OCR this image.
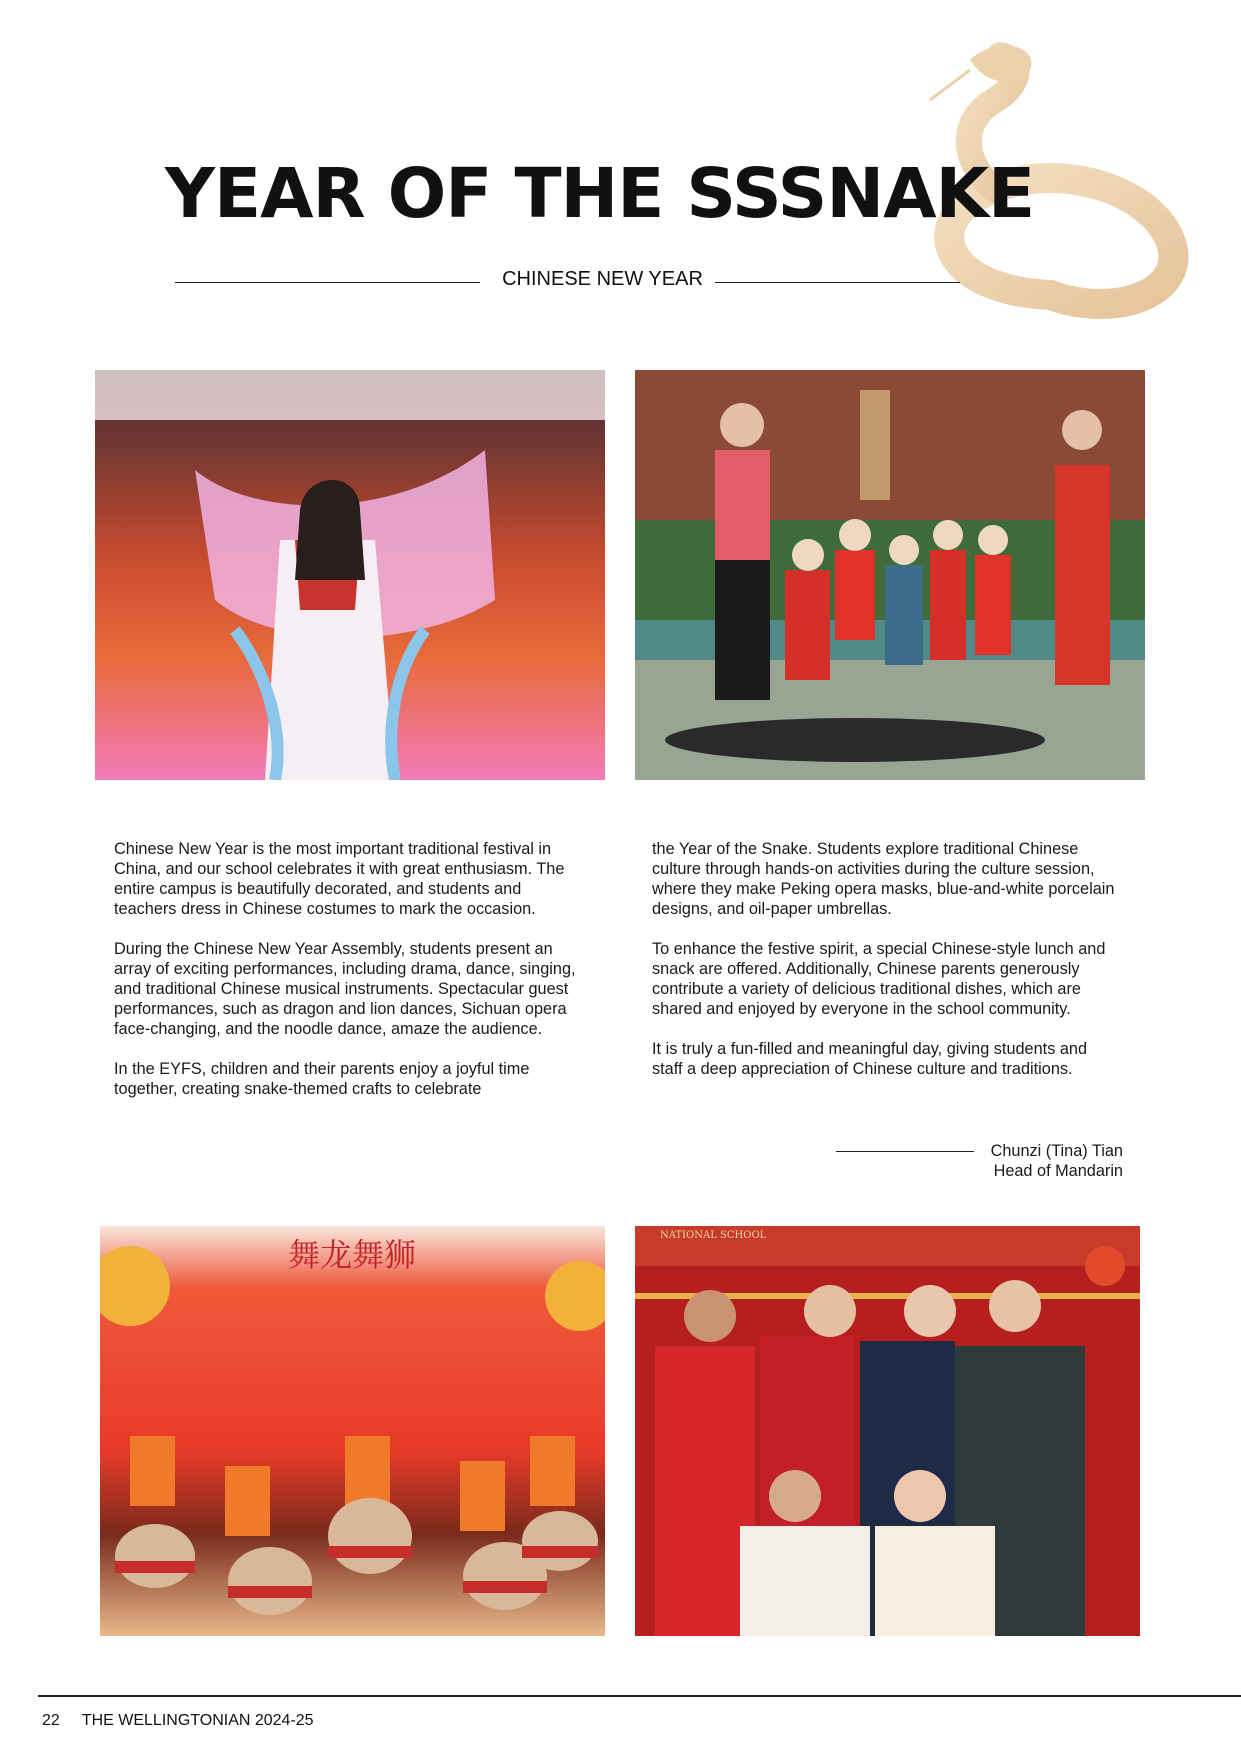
YEAR OF THE SSSNAKE
CHINESE NEW YEAR

Chinese New Year is the most important traditional festival in China, and our school celebrates it with great enthusiasm. The entire campus is beautifully decorated, and students and teachers dress in Chinese costumes to mark the occasion.

During the Chinese New Year Assembly, students present an array of exciting performances, including drama, dance, singing, and traditional Chinese musical instruments. Spectacular guest performances, such as dragon and lion dances, Sichuan opera face-changing, and the noodle dance, amaze the audience.

In the EYFS, children and their parents enjoy a joyful time together, creating snake-themed crafts to celebrate

the Year of the Snake. Students explore traditional Chinese culture through hands-on activities during the culture session, where they make Peking opera masks, blue-and-white porcelain designs, and oil-paper umbrellas.

To enhance the festive spirit, a special Chinese-style lunch and snack are offered. Additionally, Chinese parents generously contribute a variety of delicious traditional dishes, which are shared and enjoyed by everyone in the school community.

It is truly a fun-filled and meaningful day, giving students and staff a deep appreciation of Chinese culture and traditions.

Chunzi (Tina) Tian
Head of Mandarin
舞龙舞狮
NATIONAL SCHOOL
22 THE WELLINGTONIAN 2024-25
